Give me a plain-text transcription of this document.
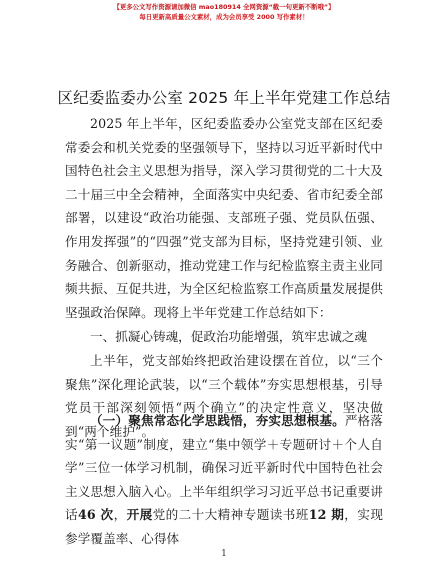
【更多公文写作资源请加微信 mao180914 全网资源“截一句更新不断哦”】
每日更新高质量公文素材，成为会员享受 2000 写作素材！
区纪委监委办公室 2025 年上半年党建工作总结
2025 年上半年，区纪委监委办公室党支部在区纪委常委会和机关党委的坚强领导下，坚持以习近平新时代中国特色社会主义思想为指导，深入学习贯彻党的二十大及二十届三中全会精神，全面落实中央纪委、省市纪委全部部署，以建设“政治功能强、支部班子强、党员队伍强、作用发挥强”的“四强”党支部为目标，坚持党建引领、业务融合、创新驱动，推动党建工作与纪检监察主责主业同频共振、互促共进，为全区纪检监察工作高质量发展提供坚强政治保障。现将上半年党建工作总结如下：
一、抓凝心铸魂，促政治功能增强，筑牢忠诚之魂
上半年，党支部始终把政治建设摆在首位，以“三个聚焦”深化理论武装，以“三个载体”夯实思想根基，引导党员干部深刻领悟“两个确立”的决定性意义，坚决做到“两个维护”。
（一）聚焦常态化学思践悟，夯实思想根基。严格落实“第一议题”制度，建立“集中领学＋专题研讨＋个人自学”三位一体学习机制，确保习近平新时代中国特色社会主义思想入脑入心。上半年组织学习习近平总书记重要讲话46 次，开展党的二十大精神专题读书班12 期，实现参学覆盖率、心得体
1
